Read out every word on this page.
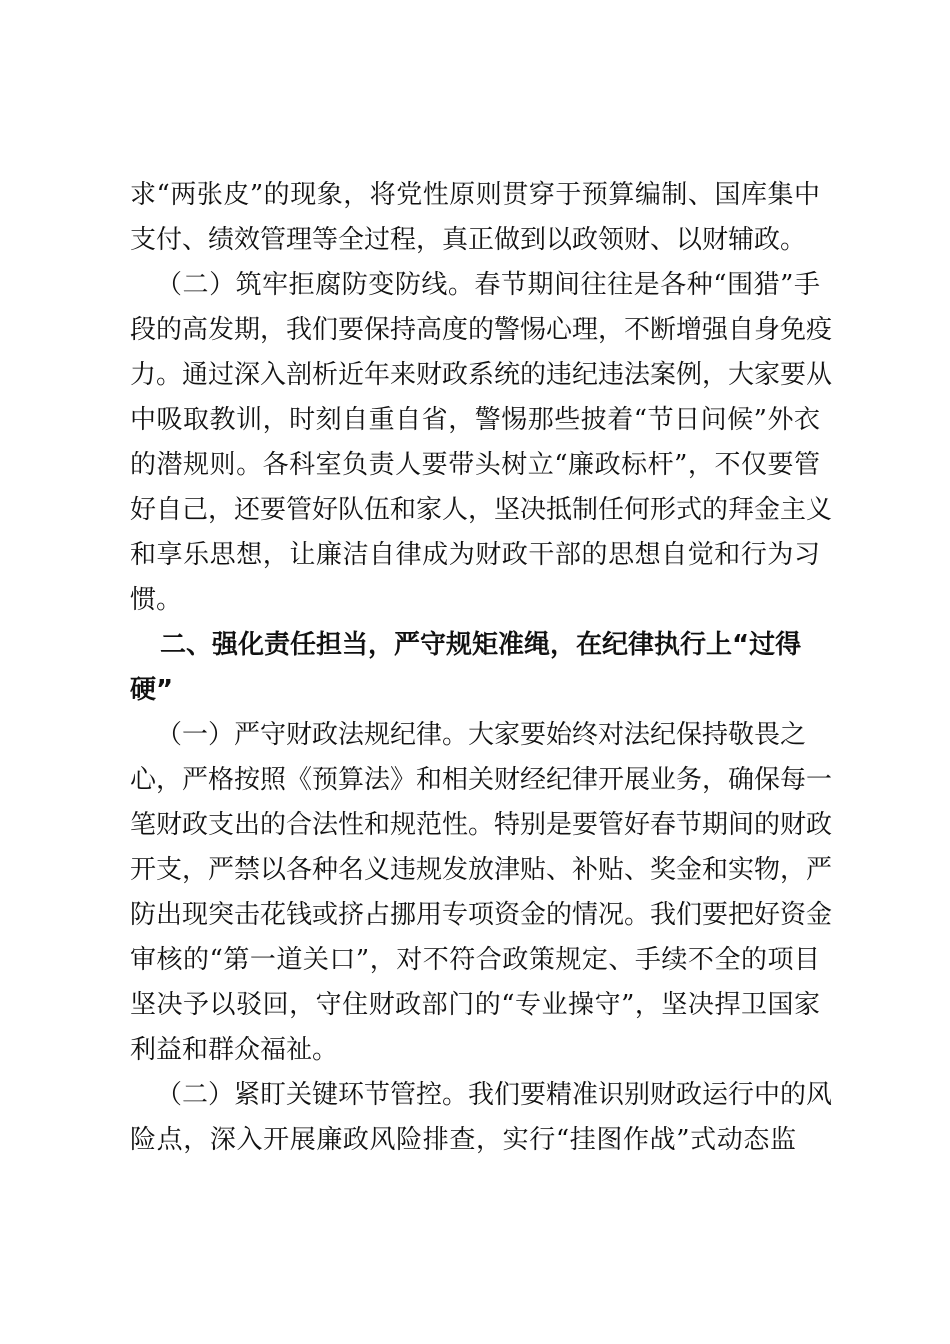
求“两张皮”的现象，将党性原则贯穿于预算编制、国库集中
支付、绩效管理等全过程，真正做到以政领财、以财辅政。
（二）筑牢拒腐防变防线。春节期间往往是各种“围猎”手
段的高发期，我们要保持高度的警惕心理，不断增强自身免疫
力。通过深入剖析近年来财政系统的违纪违法案例，大家要从
中吸取教训，时刻自重自省，警惕那些披着“节日问候”外衣
的潜规则。各科室负责人要带头树立“廉政标杆”，不仅要管
好自己，还要管好队伍和家人，坚决抵制任何形式的拜金主义
和享乐思想，让廉洁自律成为财政干部的思想自觉和行为习
惯。
二、强化责任担当，严守规矩准绳，在纪律执行上“过得
硬”
（一）严守财政法规纪律。大家要始终对法纪保持敬畏之
心，严格按照《预算法》和相关财经纪律开展业务，确保每一
笔财政支出的合法性和规范性。特别是要管好春节期间的财政
开支，严禁以各种名义违规发放津贴、补贴、奖金和实物，严
防出现突击花钱或挤占挪用专项资金的情况。我们要把好资金
审核的“第一道关口”，对不符合政策规定、手续不全的项目
坚决予以驳回，守住财政部门的“专业操守”，坚决捍卫国家
利益和群众福祉。
（二）紧盯关键环节管控。我们要精准识别财政运行中的风
险点，深入开展廉政风险排查，实行“挂图作战”式动态监
